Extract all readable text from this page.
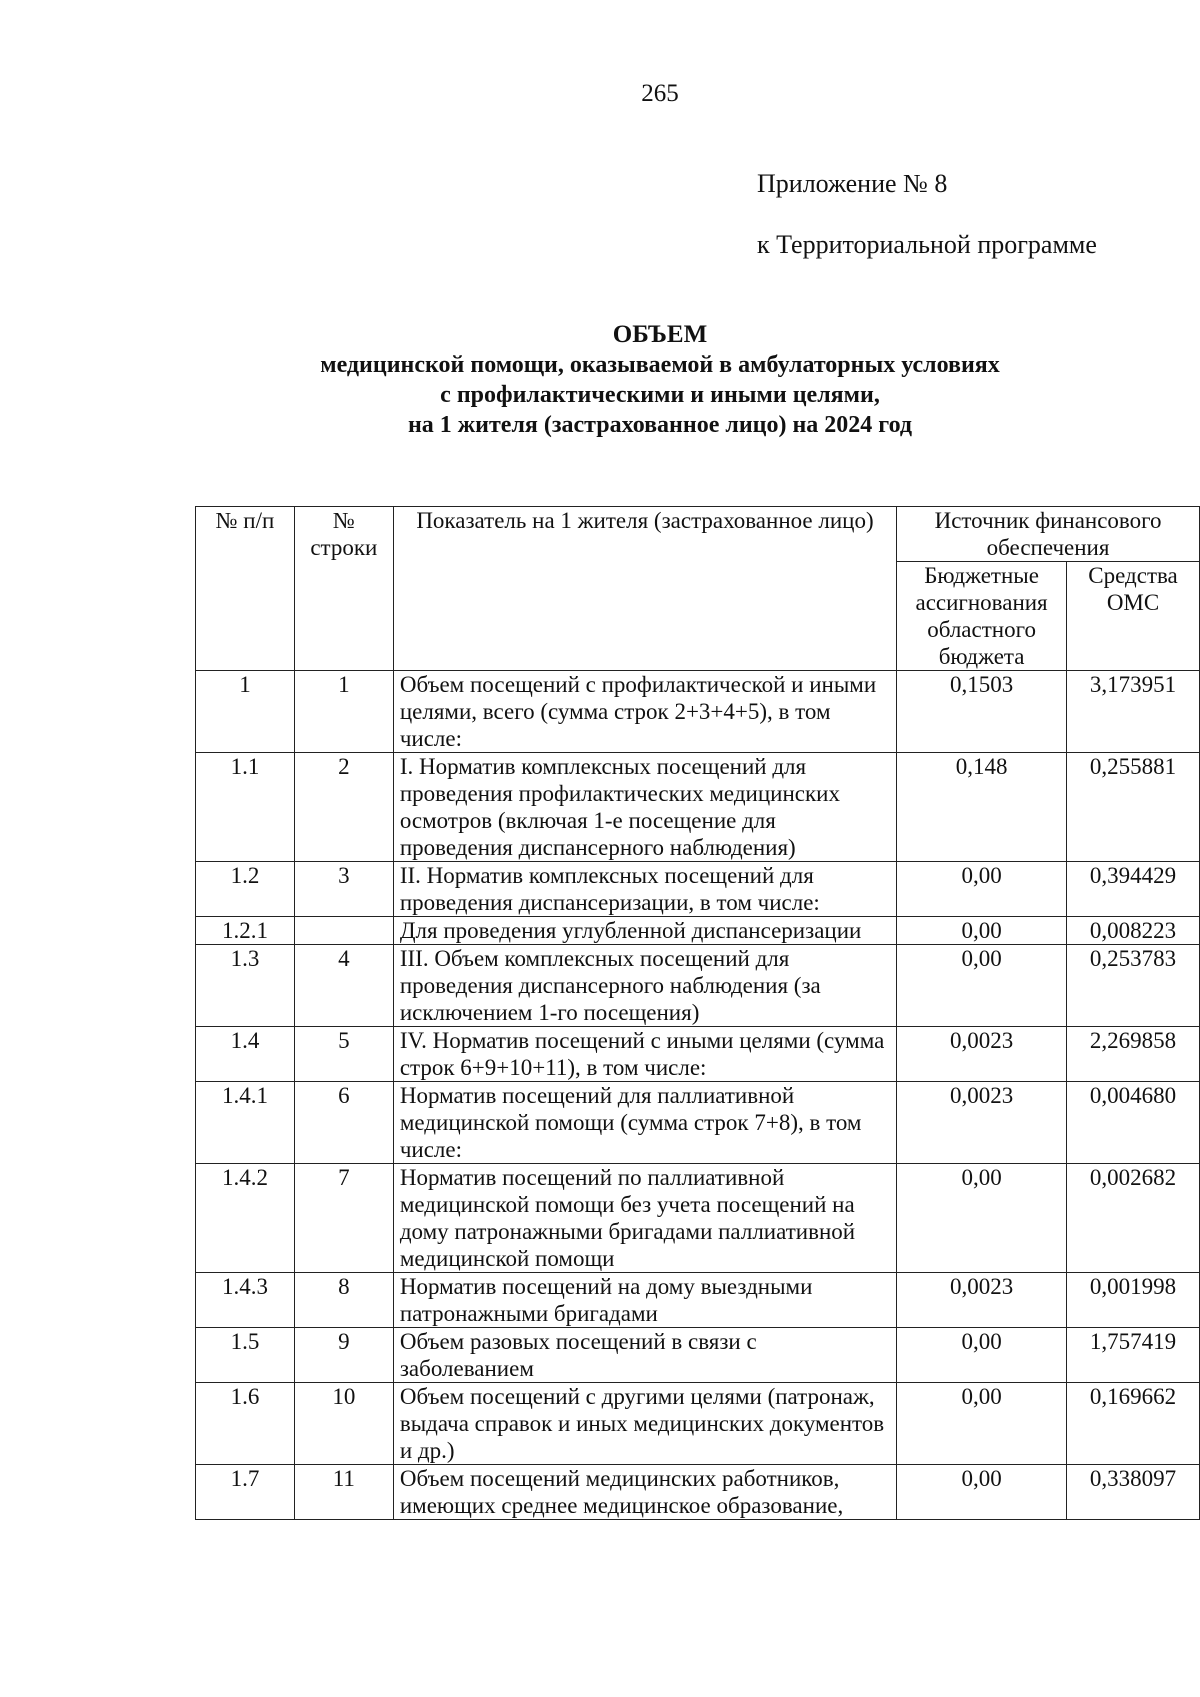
265
Приложение № 8
к Территориальной программе
ОБЪЕМ
медицинской помощи, оказываемой в амбулаторных условиях
с профилактическими и иными целями,
на 1 жителя (застрахованное лицо) на 2024 год
№ п/п	№ строки	Показатель на 1 жителя (застрахованное лицо)	Источник финансового обеспечения	
			Бюджетные ассигнования областного бюджета	Средства ОМС
1	1	Объем посещений с профилактической и иными целями, всего (сумма строк 2+3+4+5), в том числе:	0,1503	3,173951
1.1	2	I. Норматив комплексных посещений для проведения профилактических медицинских осмотров (включая 1-е посещение для проведения диспансерного наблюдения)	0,148	0,255881
1.2	3	II. Норматив комплексных посещений для проведения диспансеризации, в том числе:	0,00	0,394429
1.2.1		Для проведения углубленной диспансеризации	0,00	0,008223
1.3	4	III. Объем комплексных посещений для проведения диспансерного наблюдения (за исключением 1-го посещения)	0,00	0,253783
1.4	5	IV. Норматив посещений с иными целями (сумма строк 6+9+10+11), в том числе:	0,0023	2,269858
1.4.1	6	Норматив посещений для паллиативной медицинской помощи (сумма строк 7+8), в том числе:	0,0023	0,004680
1.4.2	7	Норматив посещений по паллиативной медицинской помощи без учета посещений на дому патронажными бригадами паллиативной медицинской помощи	0,00	0,002682
1.4.3	8	Норматив посещений на дому выездными патронажными бригадами	0,0023	0,001998
1.5	9	Объем разовых посещений в связи с заболеванием	0,00	1,757419
1.6	10	Объем посещений с другими целями (патронаж, выдача справок и иных медицинских документов и др.)	0,00	0,169662
1.7	11	Объем посещений медицинских работников, имеющих среднее медицинское образование,	0,00	0,338097
